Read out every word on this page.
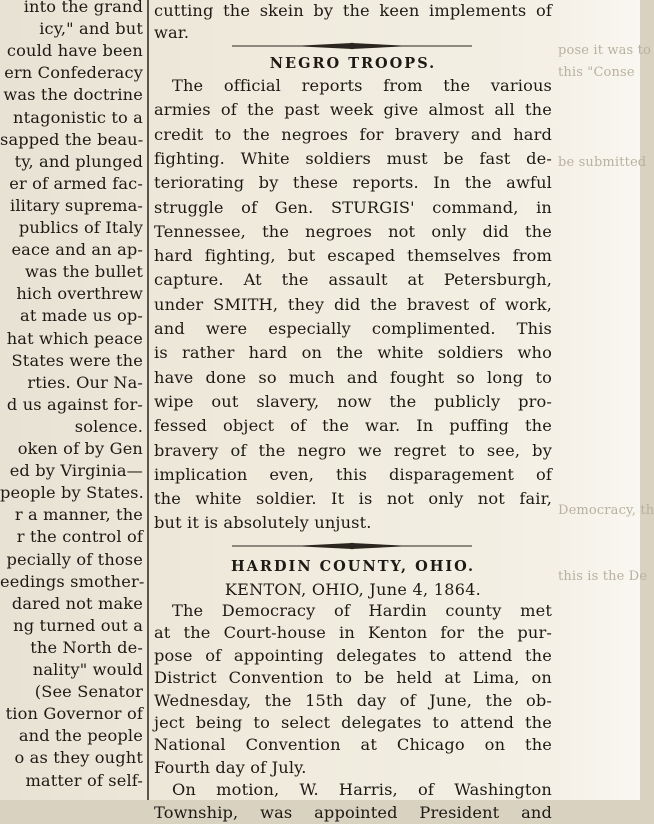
pose it was to
this "Conse
be submitted
Democracy, th
this is the De
into the grand
icy," and but
could have been
ern Confederacy
was the doctrine
ntagonistic to a
sapped the beau-
ty, and plunged
er of armed fac-
ilitary suprema-
publics of Italy
eace and an ap-
was the bullet
hich overthrew
at made us op-
hat which peace
States were the
rties. Our Na-
d us against for-
solence.
oken of by Gen
ed by Virginia—
people by States.
r a manner, the
r the control of
pecially of those
eedings smother-
dared not make
ng turned out a
the North de-
nality" would
(See Senator
tion Governor of
and the people
o as they ought
matter of self-
cutting the skein by the keen implements of
war.
NEGRO TROOPS.
The official reports from the various
armies of the past week give almost all the
credit to the negroes for bravery and hard
fighting. White soldiers must be fast de-
teriorating by these reports. In the awful
struggle of Gen. STURGIS' command, in
Tennessee, the negroes not only did the
hard fighting, but escaped themselves from
capture. At the assault at Petersburgh,
under SMITH, they did the bravest of work,
and were especially complimented. This
is rather hard on the white soldiers who
have done so much and fought so long to
wipe out slavery, now the publicly pro-
fessed object of the war. In puffing the
bravery of the negro we regret to see, by
implication even, this disparagement of
the white soldier. It is not only not fair,
but it is absolutely unjust.
HARDIN COUNTY, OHIO.
KENTON, OHIO, June 4, 1864.
The Democracy of Hardin county met
at the Court-house in Kenton for the pur-
pose of appointing delegates to attend the
District Convention to be held at Lima, on
Wednesday, the 15th day of June, the ob-
ject being to select delegates to attend the
National Convention at Chicago on the
Fourth day of July.
On motion, W. Harris, of Washington
Township, was appointed President and
